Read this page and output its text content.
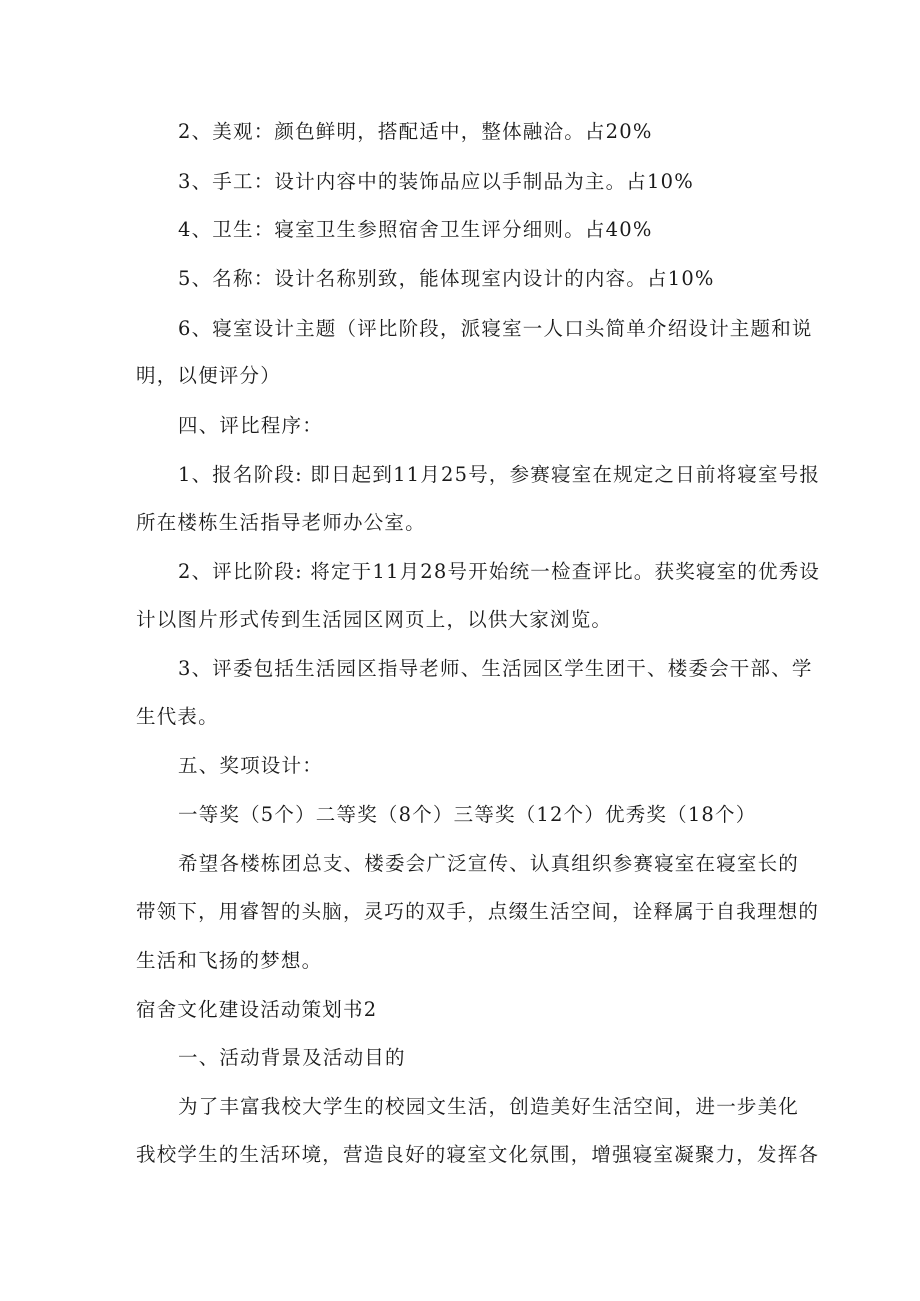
2、美观：颜色鲜明，搭配适中，整体融洽。占20%
3、手工：设计内容中的装饰品应以手制品为主。占10%
4、卫生：寝室卫生参照宿舍卫生评分细则。占40%
5、名称：设计名称别致，能体现室内设计的内容。占10%
6、寝室设计主题（评比阶段，派寝室一人口头简单介绍设计主题和说
明，以便评分）
四、评比程序：
1、报名阶段: 即日起到11月25号，参赛寝室在规定之日前将寝室号报
所在楼栋生活指导老师办公室。
2、评比阶段: 将定于11月28号开始统一检查评比。获奖寝室的优秀设
计以图片形式传到生活园区网页上，以供大家浏览。
3、评委包括生活园区指导老师、生活园区学生团干、楼委会干部、学
生代表。
五、奖项设计：
一等奖（5个）二等奖（8个）三等奖（12个）优秀奖（18个）
希望各楼栋团总支、楼委会广泛宣传、认真组织参赛寝室在寝室长的
带领下，用睿智的头脑，灵巧的双手，点缀生活空间，诠释属于自我理想的
生活和飞扬的梦想。
宿舍文化建设活动策划书2
一、活动背景及活动目的
为了丰富我校大学生的校园文生活，创造美好生活空间，进一步美化
我校学生的生活环境，营造良好的寝室文化氛围，增强寝室凝聚力，发挥各
